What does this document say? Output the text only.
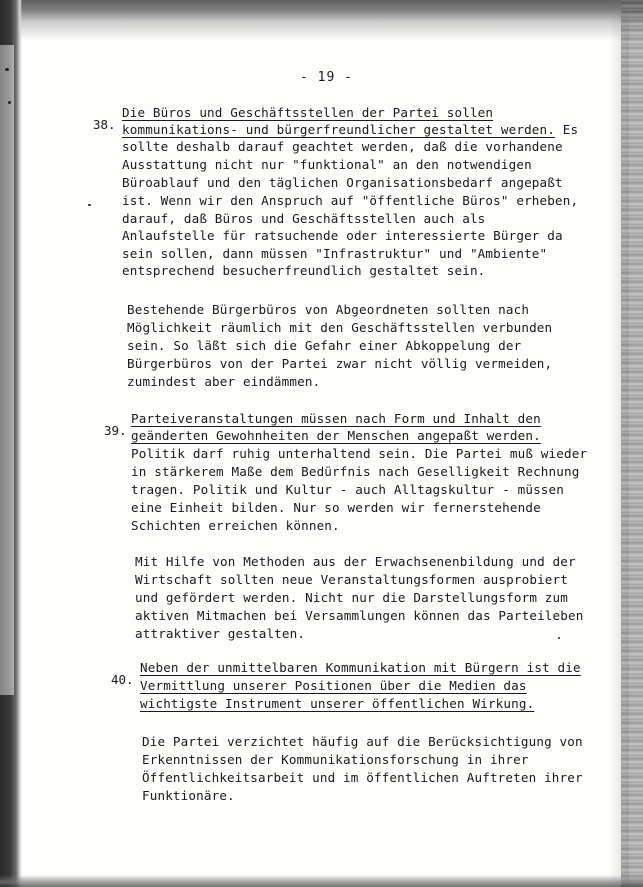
- 19 -
38.
Die Büros und Geschäftsstellen der Partei sollen
kommunikations- und bürgerfreundlicher gestaltet werden. Es
sollte deshalb darauf geachtet werden, daß die vorhandene
Ausstattung nicht nur "funktional" an den notwendigen
Büroablauf und den täglichen Organisationsbedarf angepaßt
ist. Wenn wir den Anspruch auf "öffentliche Büros" erheben,
darauf, daß Büros und Geschäftsstellen auch als
Anlaufstelle für ratsuchende oder interessierte Bürger da
sein sollen, dann müssen "Infrastruktur" und "Ambiente"
entsprechend besucherfreundlich gestaltet sein.
Bestehende Bürgerbüros von Abgeordneten sollten nach
Möglichkeit räumlich mit den Geschäftsstellen verbunden
sein. So läßt sich die Gefahr einer Abkoppelung der
Bürgerbüros von der Partei zwar nicht völlig vermeiden,
zumindest aber eindämmen.
39.
Parteiveranstaltungen müssen nach Form und Inhalt den
geänderten Gewohnheiten der Menschen angepaßt werden.
Politik darf ruhig unterhaltend sein. Die Partei muß wieder
in stärkerem Maße dem Bedürfnis nach Geselligkeit Rechnung
tragen. Politik und Kultur - auch Alltagskultur - müssen
eine Einheit bilden. Nur so werden wir fernerstehende
Schichten erreichen können.
Mit Hilfe von Methoden aus der Erwachsenenbildung und der
Wirtschaft sollten neue Veranstaltungsformen ausprobiert
und gefördert werden. Nicht nur die Darstellungsform zum
aktiven Mitmachen bei Versammlungen können das Parteileben
attraktiver gestalten.
40.
Neben der unmittelbaren Kommunikation mit Bürgern ist die
Vermittlung unserer Positionen über die Medien das
wichtigste Instrument unserer öffentlichen Wirkung.
Die Partei verzichtet häufig auf die Berücksichtigung von
Erkenntnissen der Kommunikationsforschung in ihrer
Öffentlichkeitsarbeit und im öffentlichen Auftreten ihrer
Funktionäre.
